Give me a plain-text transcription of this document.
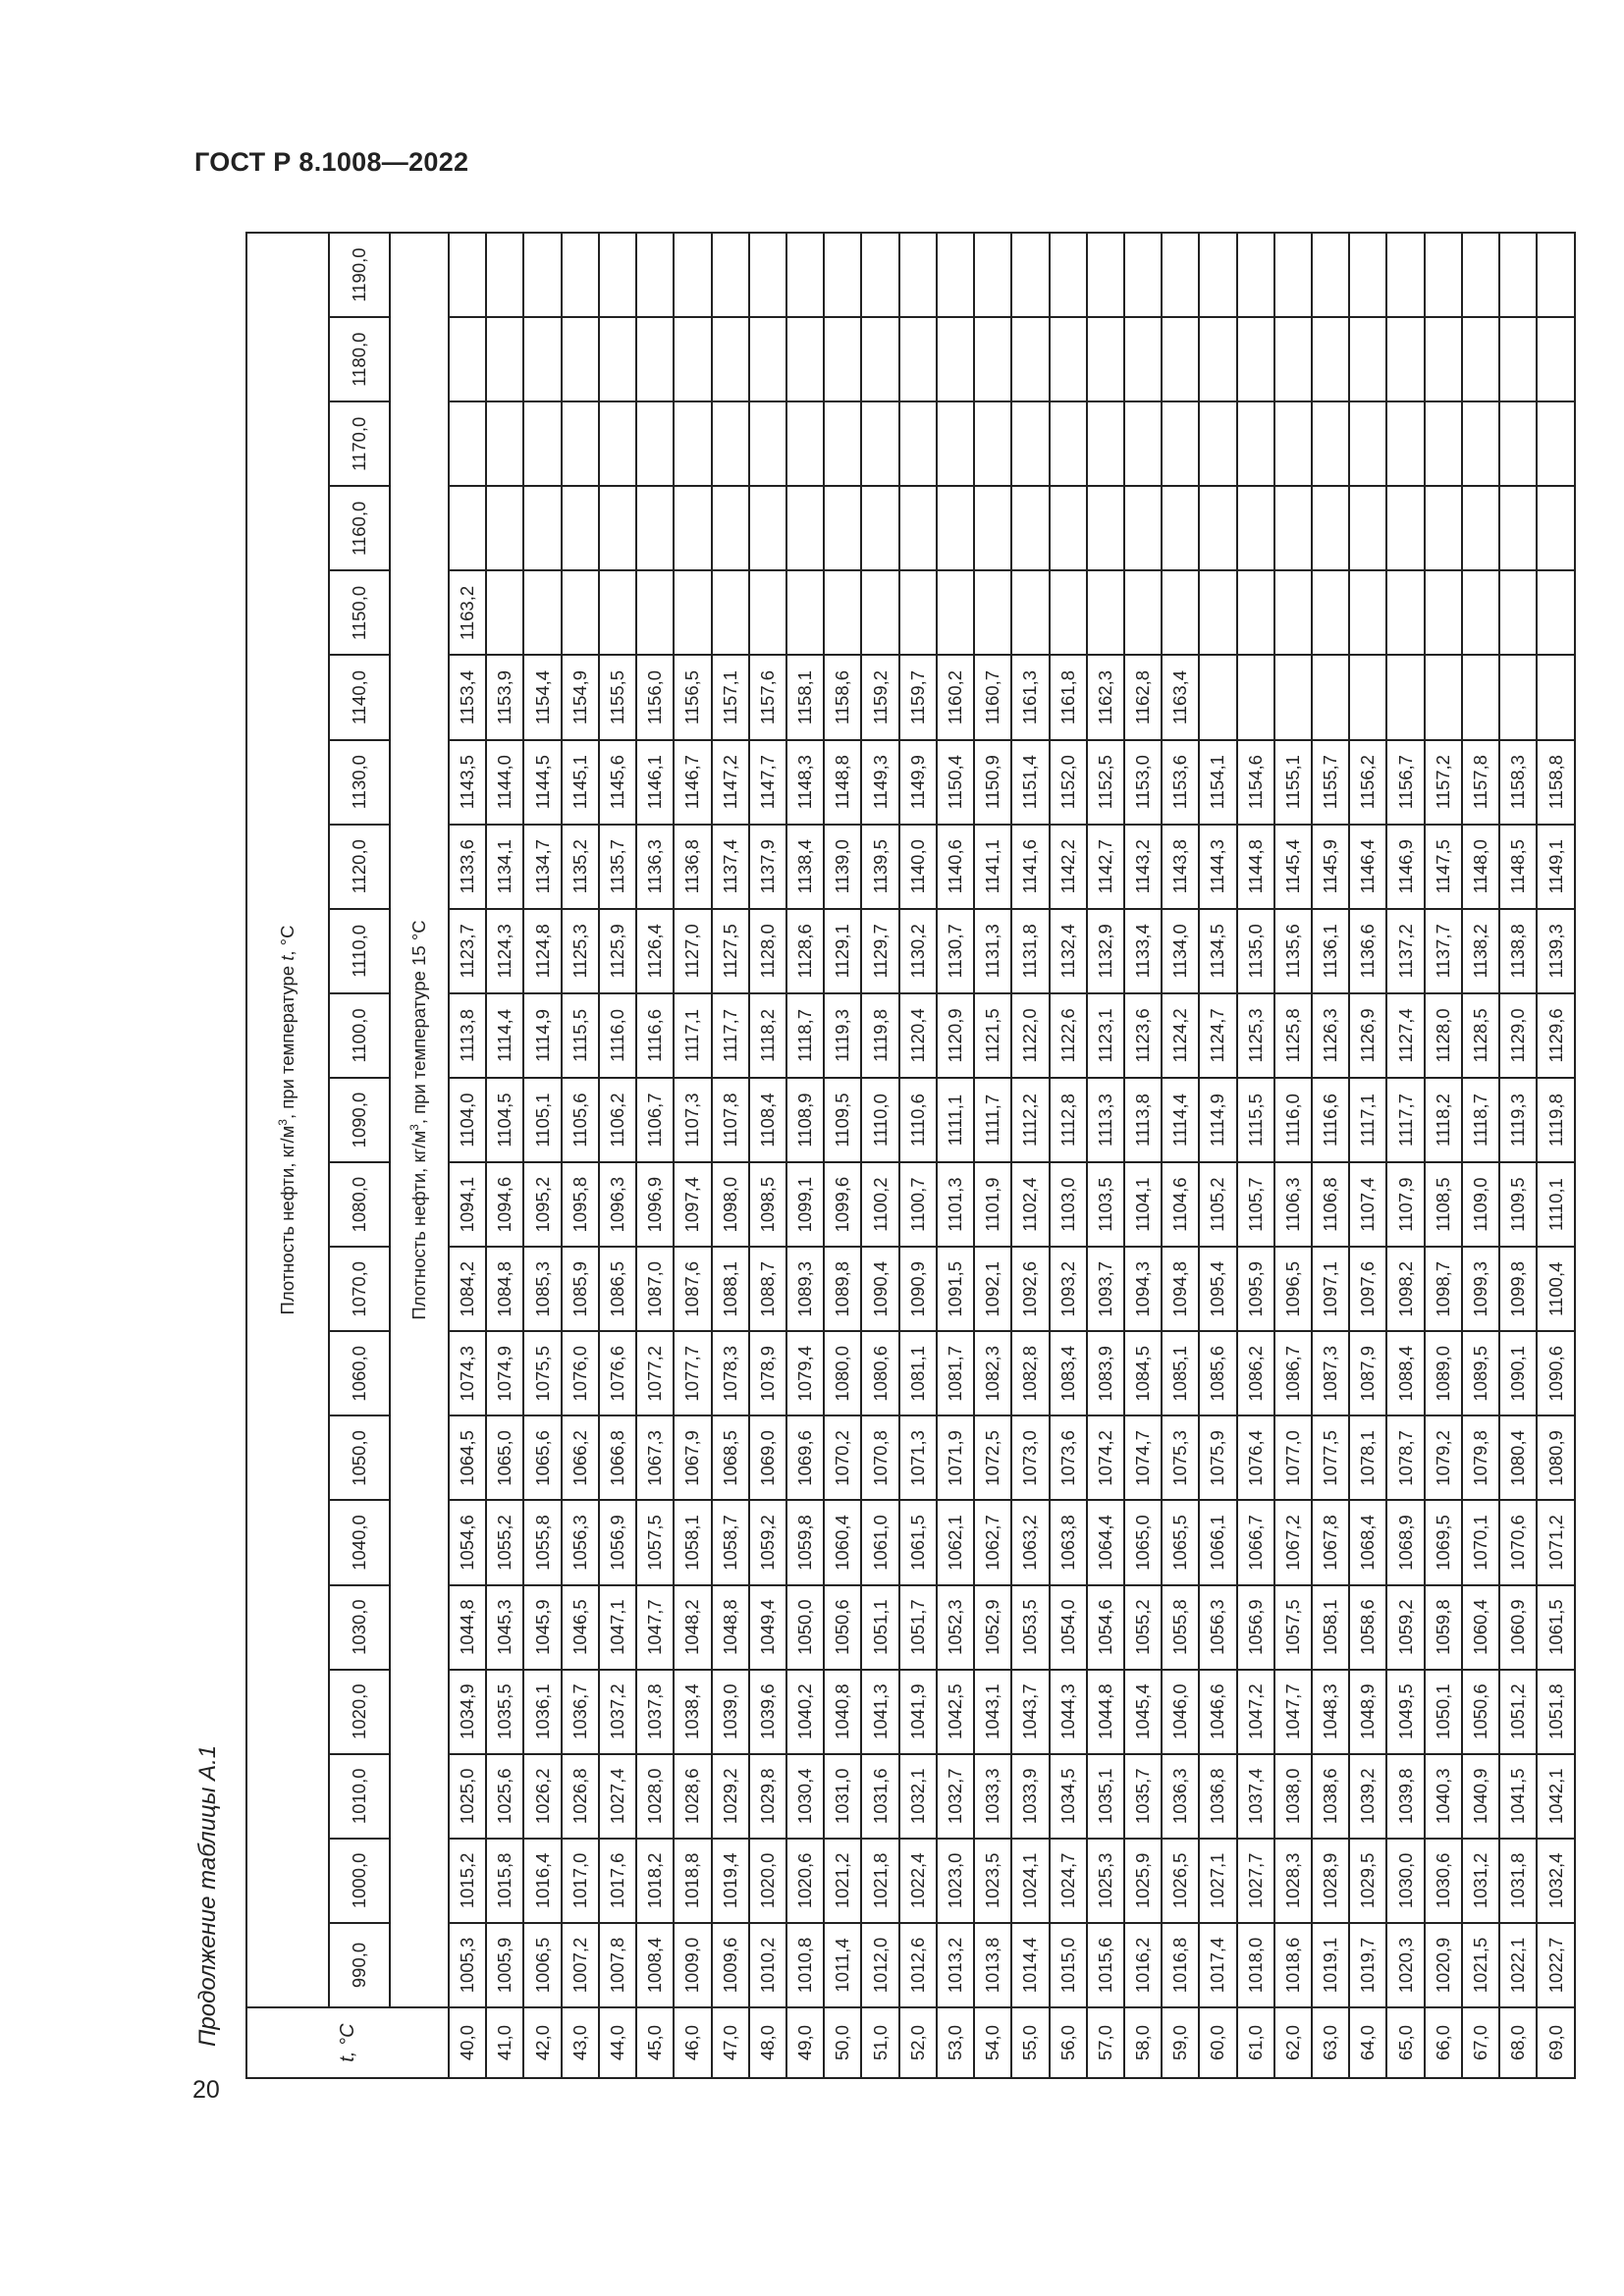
ГОСТ Р 8.1008—2022
Продолжение таблицы А.1
20
t, °C	Плотность нефти, $кг/м^3$, при температуре t, °C																				
	990,0	1000,0	1010,0	1020,0	1030,0	1040,0	1050,0	1060,0	1070,0	1080,0	1090,0	1100,0	1110,0	1120,0	1130,0	1140,0	1150,0	1160,0	1170,0	1180,0	1190,0
	Плотность нефти, $кг/м^3$, при температуре 15 °C																				
40,0	1005,3	1015,2	1025,0	1034,9	1044,8	1054,6	1064,5	1074,3	1084,2	1094,1	1104,0	1113,8	1123,7	1133,6	1143,5	1153,4	1163,2				
41,0	1005,9	1015,8	1025,6	1035,5	1045,3	1055,2	1065,0	1074,9	1084,8	1094,6	1104,5	1114,4	1124,3	1134,1	1144,0	1153,9					
42,0	1006,5	1016,4	1026,2	1036,1	1045,9	1055,8	1065,6	1075,5	1085,3	1095,2	1105,1	1114,9	1124,8	1134,7	1144,5	1154,4					
43,0	1007,2	1017,0	1026,8	1036,7	1046,5	1056,3	1066,2	1076,0	1085,9	1095,8	1105,6	1115,5	1125,3	1135,2	1145,1	1154,9					
44,0	1007,8	1017,6	1027,4	1037,2	1047,1	1056,9	1066,8	1076,6	1086,5	1096,3	1106,2	1116,0	1125,9	1135,7	1145,6	1155,5					
45,0	1008,4	1018,2	1028,0	1037,8	1047,7	1057,5	1067,3	1077,2	1087,0	1096,9	1106,7	1116,6	1126,4	1136,3	1146,1	1156,0					
46,0	1009,0	1018,8	1028,6	1038,4	1048,2	1058,1	1067,9	1077,7	1087,6	1097,4	1107,3	1117,1	1127,0	1136,8	1146,7	1156,5					
47,0	1009,6	1019,4	1029,2	1039,0	1048,8	1058,7	1068,5	1078,3	1088,1	1098,0	1107,8	1117,7	1127,5	1137,4	1147,2	1157,1					
48,0	1010,2	1020,0	1029,8	1039,6	1049,4	1059,2	1069,0	1078,9	1088,7	1098,5	1108,4	1118,2	1128,0	1137,9	1147,7	1157,6					
49,0	1010,8	1020,6	1030,4	1040,2	1050,0	1059,8	1069,6	1079,4	1089,3	1099,1	1108,9	1118,7	1128,6	1138,4	1148,3	1158,1					
50,0	1011,4	1021,2	1031,0	1040,8	1050,6	1060,4	1070,2	1080,0	1089,8	1099,6	1109,5	1119,3	1129,1	1139,0	1148,8	1158,6					
51,0	1012,0	1021,8	1031,6	1041,3	1051,1	1061,0	1070,8	1080,6	1090,4	1100,2	1110,0	1119,8	1129,7	1139,5	1149,3	1159,2					
52,0	1012,6	1022,4	1032,1	1041,9	1051,7	1061,5	1071,3	1081,1	1090,9	1100,7	1110,6	1120,4	1130,2	1140,0	1149,9	1159,7					
53,0	1013,2	1023,0	1032,7	1042,5	1052,3	1062,1	1071,9	1081,7	1091,5	1101,3	1111,1	1120,9	1130,7	1140,6	1150,4	1160,2					
54,0	1013,8	1023,5	1033,3	1043,1	1052,9	1062,7	1072,5	1082,3	1092,1	1101,9	1111,7	1121,5	1131,3	1141,1	1150,9	1160,7					
55,0	1014,4	1024,1	1033,9	1043,7	1053,5	1063,2	1073,0	1082,8	1092,6	1102,4	1112,2	1122,0	1131,8	1141,6	1151,4	1161,3					
56,0	1015,0	1024,7	1034,5	1044,3	1054,0	1063,8	1073,6	1083,4	1093,2	1103,0	1112,8	1122,6	1132,4	1142,2	1152,0	1161,8					
57,0	1015,6	1025,3	1035,1	1044,8	1054,6	1064,4	1074,2	1083,9	1093,7	1103,5	1113,3	1123,1	1132,9	1142,7	1152,5	1162,3					
58,0	1016,2	1025,9	1035,7	1045,4	1055,2	1065,0	1074,7	1084,5	1094,3	1104,1	1113,8	1123,6	1133,4	1143,2	1153,0	1162,8					
59,0	1016,8	1026,5	1036,3	1046,0	1055,8	1065,5	1075,3	1085,1	1094,8	1104,6	1114,4	1124,2	1134,0	1143,8	1153,6	1163,4					
60,0	1017,4	1027,1	1036,8	1046,6	1056,3	1066,1	1075,9	1085,6	1095,4	1105,2	1114,9	1124,7	1134,5	1144,3	1154,1						
61,0	1018,0	1027,7	1037,4	1047,2	1056,9	1066,7	1076,4	1086,2	1095,9	1105,7	1115,5	1125,3	1135,0	1144,8	1154,6						
62,0	1018,6	1028,3	1038,0	1047,7	1057,5	1067,2	1077,0	1086,7	1096,5	1106,3	1116,0	1125,8	1135,6	1145,4	1155,1						
63,0	1019,1	1028,9	1038,6	1048,3	1058,1	1067,8	1077,5	1087,3	1097,1	1106,8	1116,6	1126,3	1136,1	1145,9	1155,7						
64,0	1019,7	1029,5	1039,2	1048,9	1058,6	1068,4	1078,1	1087,9	1097,6	1107,4	1117,1	1126,9	1136,6	1146,4	1156,2						
65,0	1020,3	1030,0	1039,8	1049,5	1059,2	1068,9	1078,7	1088,4	1098,2	1107,9	1117,7	1127,4	1137,2	1146,9	1156,7						
66,0	1020,9	1030,6	1040,3	1050,1	1059,8	1069,5	1079,2	1089,0	1098,7	1108,5	1118,2	1128,0	1137,7	1147,5	1157,2						
67,0	1021,5	1031,2	1040,9	1050,6	1060,4	1070,1	1079,8	1089,5	1099,3	1109,0	1118,7	1128,5	1138,2	1148,0	1157,8						
68,0	1022,1	1031,8	1041,5	1051,2	1060,9	1070,6	1080,4	1090,1	1099,8	1109,5	1119,3	1129,0	1138,8	1148,5	1158,3						
69,0	1022,7	1032,4	1042,1	1051,8	1061,5	1071,2	1080,9	1090,6	1100,4	1110,1	1119,8	1129,6	1139,3	1149,1	1158,8						
